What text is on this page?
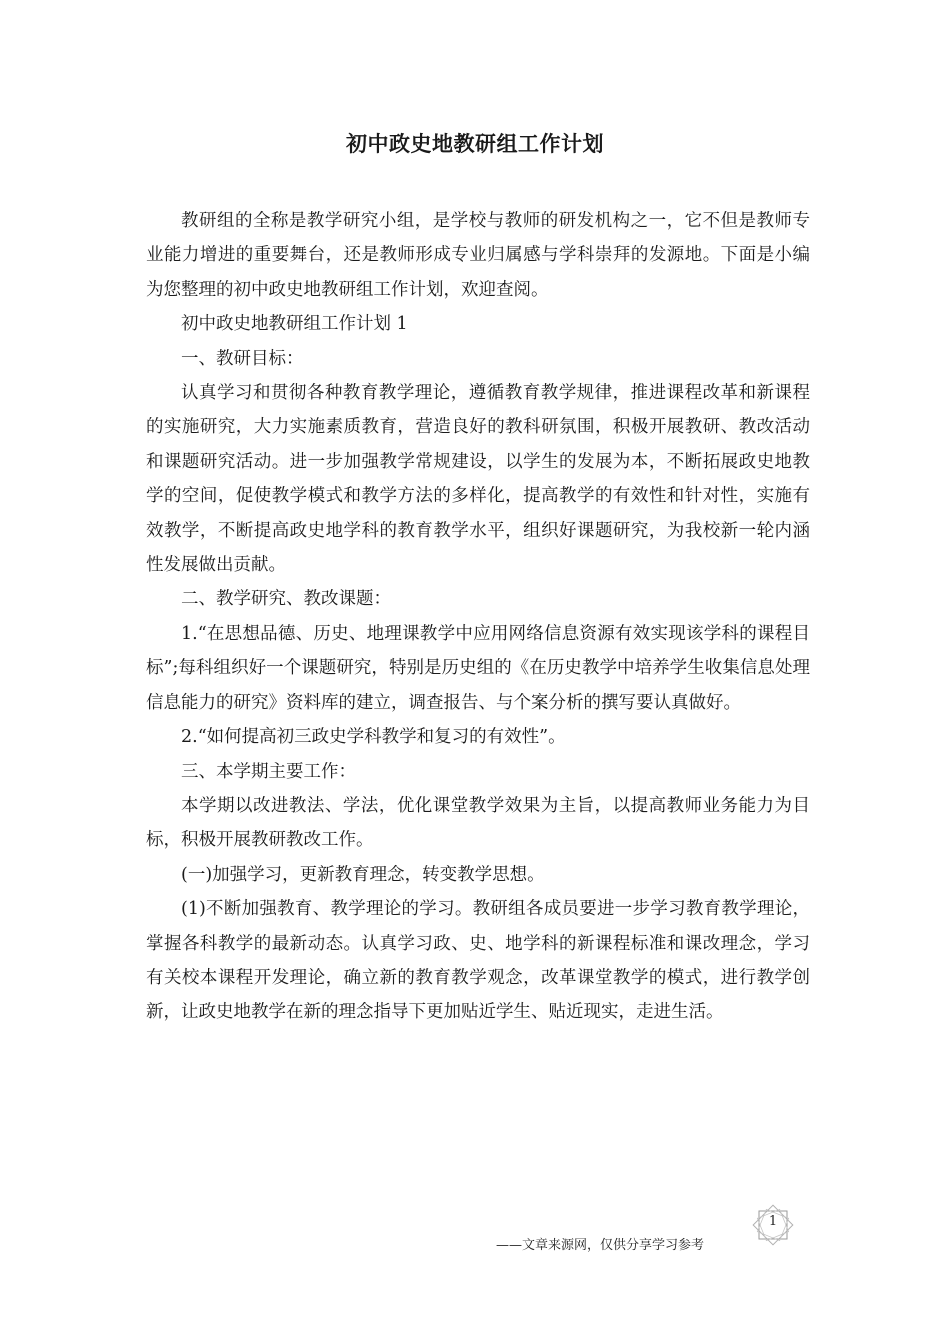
初中政史地教研组工作计划

教研组的全称是教学研究小组，是学校与教师的研发机构之一，它不但是教师专业能力增进的重要舞台，还是教师形成专业归属感与学科崇拜的发源地。下面是小编为您整理的初中政史地教研组工作计划，欢迎查阅。

初中政史地教研组工作计划 1

一、教研目标：

认真学习和贯彻各种教育教学理论，遵循教育教学规律，推进课程改革和新课程的实施研究，大力实施素质教育，营造良好的教科研氛围，积极开展教研、教改活动和课题研究活动。进一步加强教学常规建设，以学生的发展为本，不断拓展政史地教学的空间，促使教学模式和教学方法的多样化，提高教学的有效性和针对性，实施有效教学，不断提高政史地学科的教育教学水平，组织好课题研究，为我校新一轮内涵性发展做出贡献。

二、教学研究、教改课题：

1.“在思想品德、历史、地理课教学中应用网络信息资源有效实现该学科的课程目标”;每科组织好一个课题研究，特别是历史组的《在历史教学中培养学生收集信息处理信息能力的研究》资料库的建立，调查报告、与个案分析的撰写要认真做好。

2.“如何提高初三政史学科教学和复习的有效性”。

三、本学期主要工作：

本学期以改进教法、学法，优化课堂教学效果为主旨，以提高教师业务能力为目标，积极开展教研教改工作。

(一)加强学习，更新教育理念，转变教学思想。

(1)不断加强教育、教学理论的学习。教研组各成员要进一步学习教育教学理论，掌握各科教学的最新动态。认真学习政、史、地学科的新课程标准和课改理念，学习有关校本课程开发理论，确立新的教育教学观念，改革课堂教学的模式，进行教学创新，让政史地教学在新的理念指导下更加贴近学生、贴近现实，走进生活。

——文章来源网，仅供分享学习参考
1
